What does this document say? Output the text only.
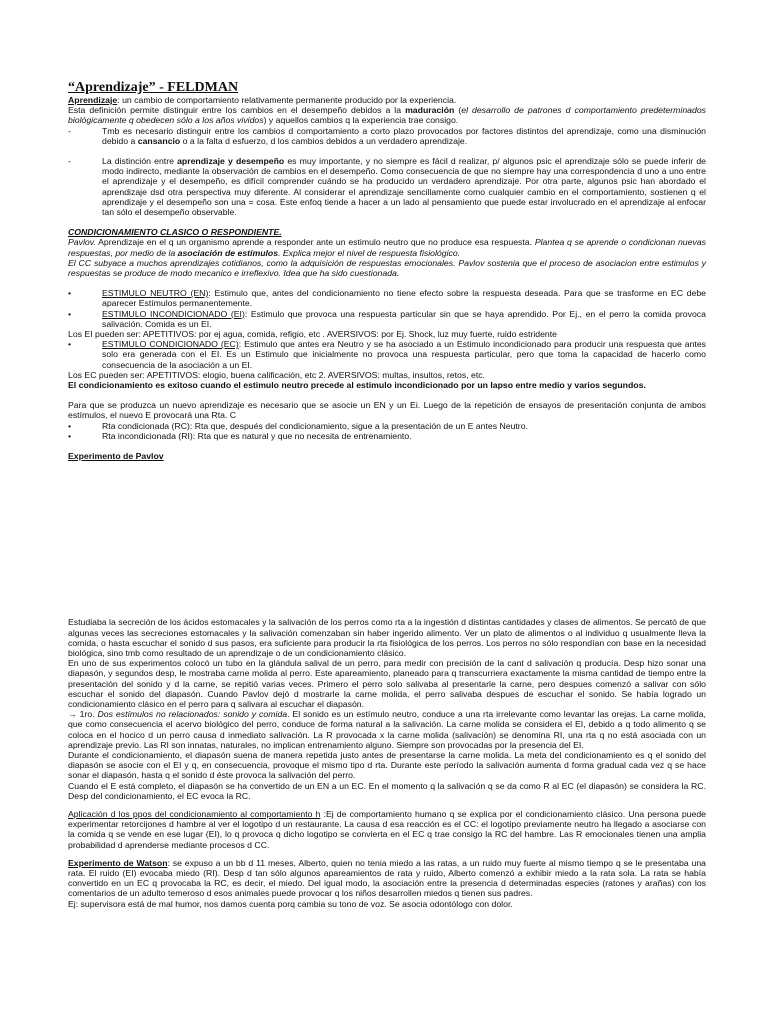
“Aprendizaje” - FELDMAN

Aprendizaje: un cambio de comportamiento relativamente permanente producido por la experiencia.

Esta definición permite distinguir entre los cambios en el desempeño debidos a la maduración (el desarrollo de patrones d comportamiento predeterminados biológicamente q obedecen sólo a los años vividos) y aquellos cambios q la experiencia trae consigo.

-	Tmb es necesario distinguir entre los cambios d comportamiento a corto plazo provocados por factores distintos del aprendizaje, como una disminución debido a cansancio o a la falta d esfuerzo, d los cambios debidos a un verdadero aprendizaje.

-	La distinción entre aprendizaje y desempeño es muy importante, y no siempre es fácil d realizar, p/ algunos psic el aprendizaje sólo se puede inferir de modo indirecto, mediante la observación de cambios en el desempeño. Como consecuencia de que no siempre hay una correspondencia d uno a uno entre el aprendizaje y el desempeño, es difícil comprender cuándo se ha producido un verdadero aprendizaje. Por otra parte, algunos psic han abordado el aprendizaje dsd otra perspectiva muy diferente. Al considerar el aprendizaje sencillamente como cualquier cambio en el comportamiento, sostienen q el aprendizaje y el desempeño son una = cosa. Este enfoq tiende a hacer a un lado al pensamiento que puede estar involucrado en el aprendizaje al enfocar tan sólo el desempeño observable.

CONDICIONAMIENTO CLASICO O RESPONDIENTE.

Pavlov. Aprendizaje en el q un organismo aprende a responder ante un estimulo neutro que no produce esa respuesta. Plantea q se aprende o condicionan nuevas respuestas, por medio de la asociación de estímulos. Explica mejor el nivel de respuesta fisiológico.

El CC subyace a muchos aprendizajes cotidianos, como la adquisición de respuestas emocionales. Pavlov sostenia que el proceso de asociacion entre estimulos y respuestas se produce de modo mecanico e irreflexivo. Idea que ha sido cuestionada.

•	ESTIMULO NEUTRO (EN): Estimulo que, antes del condicionamiento no tiene efecto sobre la respuesta deseada. Para que se trasforme en EC debe aparecer Estímulos permanentemente.

•	ESTIMULO INCONDICIONADO (EI): Estimulo que provoca una respuesta particular sin que se haya aprendido. Por Ej., en el perro la comida provoca salivación. Comida es un EI.

Los EI pueden ser: APETITIVOS: por ej agua, comida, refigio, etc . AVERSIVOS: por Ej. Shock, luz muy fuerte, ruido estridente

•	ESTIMULO CONDICIONADO (EC): Estimulo que antes era Neutro y se ha asociado a un Estimulo incondicionado para producir una respuesta que antes solo era generada con el EI. Es un Estimulo que inicialmente no provoca una respuesta particular, pero que toma la capacidad de hacerlo como consecuencia de la asociación a un EI.

Los EC pueden ser: APETITIVOS: elogio, buena calificación, etc 2. AVERSIVOS: multas, insultos, retos, etc.

El condicionamiento es exitoso cuando el estimulo neutro precede al estimulo incondicionado por un lapso entre medio y varios segundos.

Para que se produzca un nuevo aprendizaje es necesario que se asocie un EN y un Ei. Luego de la repetición de ensayos de presentación conjunta de ambos estímulos, el nuevo E provocará una Rta. C

•	Rta condicionada (RC): Rta que, después del condicionamiento, sigue a la presentación de un E antes Neutro.

•	Rta incondicionada (RI): Rta que es natural y que no necesita de entrenamiento.

Experimento de Pavlov

Estudiaba la secreción de los ácidos estomacales y la salivación de los perros como rta a la ingestión d distintas cantidades y clases de alimentos. Se percató de que algunas veces las secreciones estomacales y la salivación comenzaban sin haber ingerido alimento. Ver un plato de alimentos o al individuo q usualmente lleva la comida, o hasta escuchar el sonido d sus pasos, era suficiente para producir la rta fisiológica de los perros. Los perros no sólo respondían con base en la necesidad biológica, sino tmb como resultado de un aprendizaje o de un condicionamiento clásico.

En uno de sus experimentos colocó un tubo en la glándula salival de un perro, para medir con precisión de la cant d salivación q producía. Desp hizo sonar una diapasón, y segundos desp, le mostraba carne molida al perro. Este apareamiento, planeado para q transcurriera exactamente la misma cantidad de tiempo entre la presentación del sonido y d la carne, se repitió varias veces. Primero el perro solo salivaba al presentarle la carne, pero despues comenzó a salivar con sólo escuchar el sonido del diapasón. Cuando Pavlov dejó d mostrarle la carne molida, el perro salivaba despues de escuchar el sonido. Se había logrado un condicionamiento clásico en el perro para q salivara al escuchar el diapasón.

→ 1ro. Dos estímulos no relacionados: sonido y comida. El sonido es un estímulo neutro, conduce a una rta irrelevante como levantar las orejas. La carne molida, que como consecuencia el acervo biológico del perro, conduce de forma natural a la salivación. La carne molida se considera el EI, debido a q todo alimento q se coloca en el hocico d un perro causa d inmediato salivación. La R provocada x la carne molida (salivación) se denomina RI, una rta q no está asociada con un aprendizaje previo. Las RI son innatas, naturales, no implican entrenamiento alguno. Siempre son provocadas por la presencia del EI.

Durante el condicionamiento, el diapasón suena de manera repetida justo antes de presentarse la carne molida. La meta del condicionamiento es q el sonido del diapasón se asocie con el EI y q, en consecuencia, provoque el mismo tipo d rta. Durante este período la salivación aumenta d forma gradual cada vez q se hace sonar el diapasón, hasta q el sonido d éste provoca la salivación del perro.

Cuando el E está completo, el diapasón se ha convertido de un EN a un EC. En el momento q la salivación q se da como R al EC (el diapasón) se considera la RC. Desp del condicionamiento, el EC evoca la RC.

Aplicación d los ppos del condicionamiento al comportamiento h :Ej de comportamiento humano q se explica por el condicionamiento clásico. Una persona puede experimentar retorcijones d hambre al ver el logotipo d un restaurante. La causa d esa reacción es el CC: el logotipo previamente neutro ha llegado a asociarse con la comida q se vende en ese lugar (EI), lo q provoca q dicho logotipo se convierta en el EC q trae consigo la RC del hambre. Las R emocionales tienen una amplia probabilidad d aprenderse mediante procesos d CC.

Experimento de Watson: se expuso a un bb d 11 meses, Alberto, quien no tenia miedo a las ratas, a un ruido muy fuerte al mismo tiempo q se le presentaba una rata. El ruido (EI) evocaba miedo (RI). Desp d tan sólo algunos apareamientos de rata y ruido, Alberto comenzó a exhibir miedo a la rata sola. La rata se había convertido en un EC q provocaba la RC, es decir, el miedo. Del igual modo, la asociación entre la presencia d determinadas especies (ratones y arañas) con los comentarios de un adulto temeroso d esos animales puede provocar q los niños desarrollen miedos q tienen sus padres.

Ej: supervisora está de mal humor, nos damos cuenta porq cambia su tono de voz. Se asocia odontólogo con dolor.
